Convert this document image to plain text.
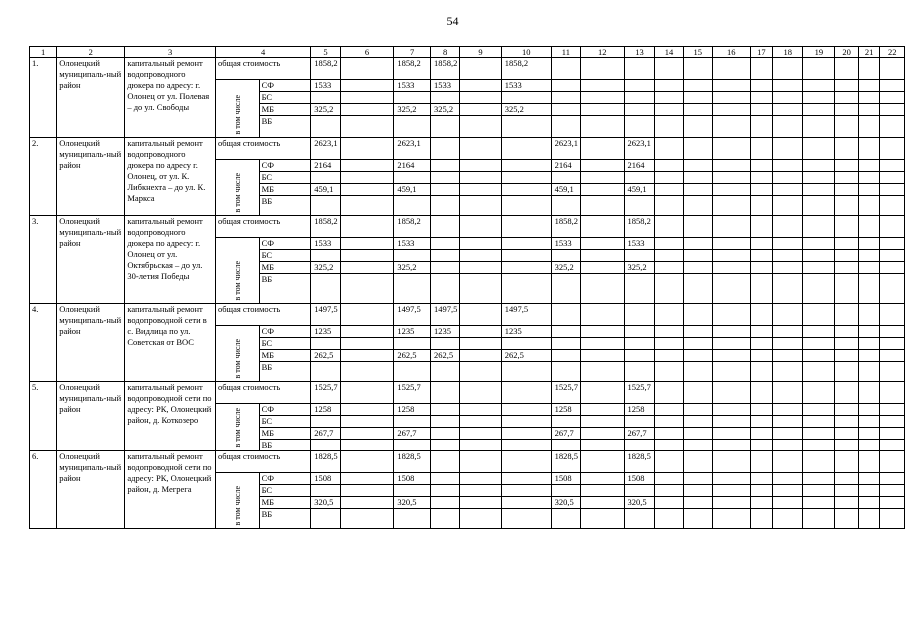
54
1	2	3	4		5	6	7	8	9	10	11	12	13	14	15	16	17	18	19	20	21	22
1.	Олонецкий муниципаль-ный район	капитальный ремонт водопроводного дюкера по адресу: г. Олонец от ул. Полевая – до ул. Свободы	общая стоимость		1858,2		1858,2	1858,2		1858,2												
			в том числе	СФ	1533		1533	1533		1533												
				БС																		
				МБ	325,2		325,2	325,2		325,2												
				ВБ																		
2.	Олонецкий муниципаль-ный район	капитальный ремонт водопроводного дюкера по адресу г. Олонец, от ул. К. Либкнехта – до ул. К. Маркса	общая стоимость		2623,1		2623,1				2623,1		2623,1									
			в том числе	СФ	2164		2164				2164		2164									
				БС																		
				МБ	459,1		459,1				459,1		459,1									
				ВБ																		
3.	Олонецкий муниципаль-ный район	капитальный ремонт водопроводного дюкера по адресу: г. Олонец от ул. Октябрьская – до ул. 30-летия Победы	общая стоимость		1858,2		1858,2				1858,2		1858,2									
			в том числе	СФ	1533		1533				1533		1533									
				БС																		
				МБ	325,2		325,2				325,2		325,2									
				ВБ																		
4.	Олонецкий муниципаль-ный район	капитальный ремонт водопроводной сети в с. Видлица по ул. Советская от ВОС	общая стоимость		1497,5		1497,5	1497,5		1497,5												
			в том числе	СФ	1235		1235	1235		1235												
				БС																		
				МБ	262,5		262,5	262,5		262,5												
				ВБ																		
5.	Олонецкий муниципаль-ный район	капитальный ремонт водопроводной сети по адресу: РК, Олонецкий район, д. Коткозеро	общая стоимость		1525,7		1525,7				1525,7		1525,7									
			в том числе	СФ	1258		1258				1258		1258									
				БС																		
				МБ	267,7		267,7				267,7		267,7									
				ВБ																		
6.	Олонецкий муниципаль-ный район	капитальный ремонт водопроводной сети по адресу: РК, Олонецкий район, д. Мегрега	общая стоимость		1828,5		1828,5				1828,5		1828,5									
			в том числе	СФ	1508		1508				1508		1508									
				БС																		
				МБ	320,5		320,5				320,5		320,5									
				ВБ																		
